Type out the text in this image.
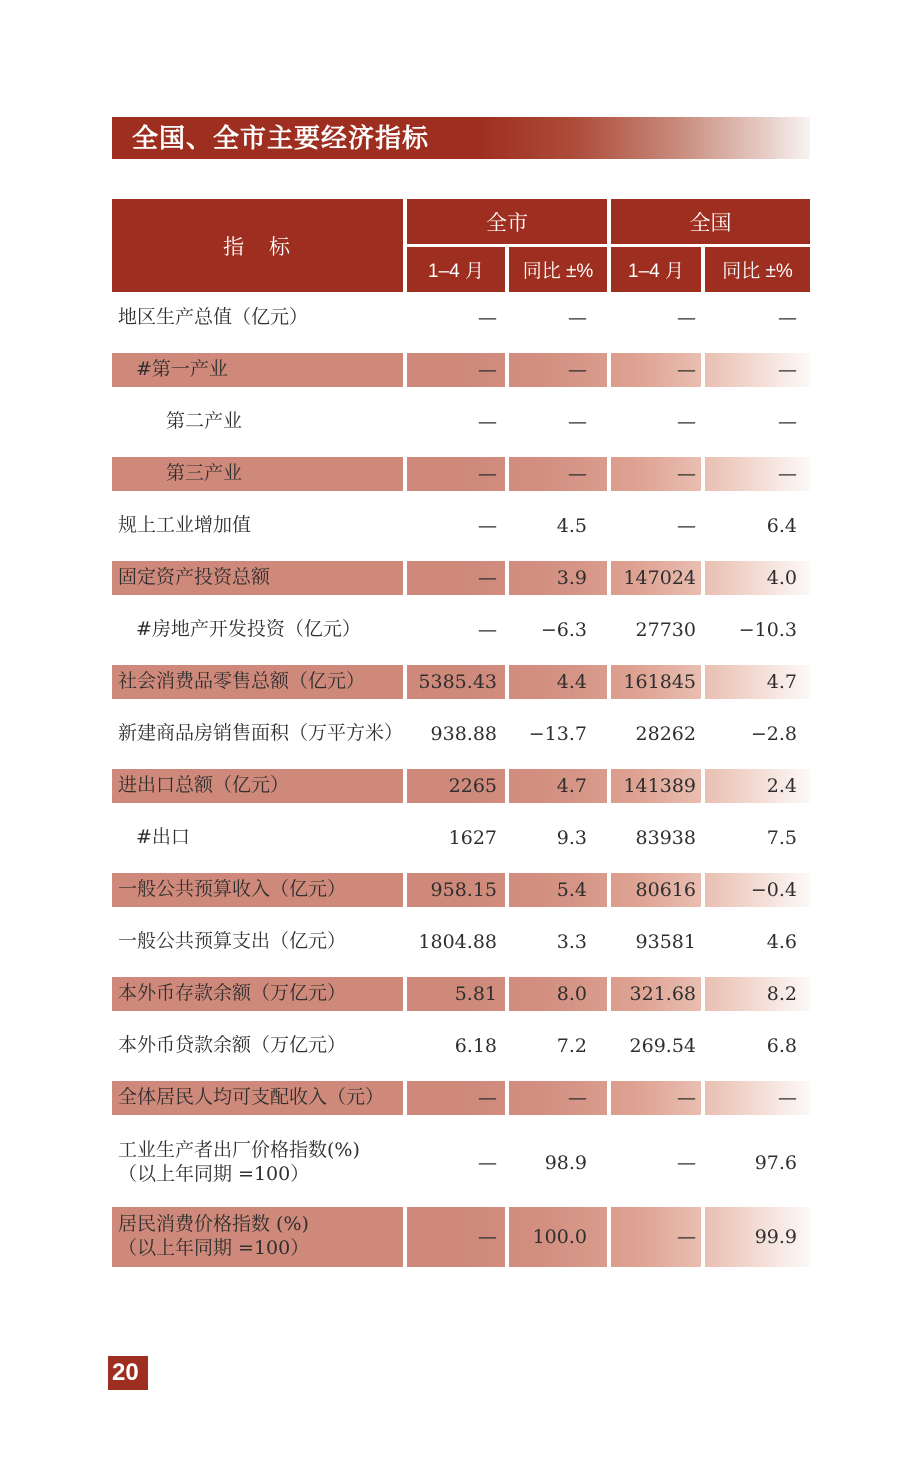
全国、全市主要经济指标
指　标
全市	全国
1–4 月	同比 ±%	1–4 月	同比 ±%
地区生产总值（亿元）	—	—	—	—
#第一产业	—	—	—	—
第二产业	—	—	—	—
第三产业	—	—	—	—
规上工业增加值	—	4.5	—	6.4
固定资产投资总额	—	3.9	147024	4.0
#房地产开发投资（亿元）	—	−6.3	27730	−10.3
社会消费品零售总额（亿元）	5385.43	4.4	161845	4.7
新建商品房销售面积（万平方米）	938.88	−13.7	28262	−2.8
进出口总额（亿元）	2265	4.7	141389	2.4
#出口	1627	9.3	83938	7.5
一般公共预算收入（亿元）	958.15	5.4	80616	−0.4
一般公共预算支出（亿元）	1804.88	3.3	93581	4.6
本外币存款余额（万亿元）	5.81	8.0	321.68	8.2
本外币贷款余额（万亿元）	6.18	7.2	269.54	6.8
全体居民人均可支配收入（元）	—	—	—	—
工业生产者出厂价格指数(%)
（以上年同期 =100）	—	98.9	—	97.6
居民消费价格指数 (%)
（以上年同期 =100）	—	100.0	—	99.9
20
